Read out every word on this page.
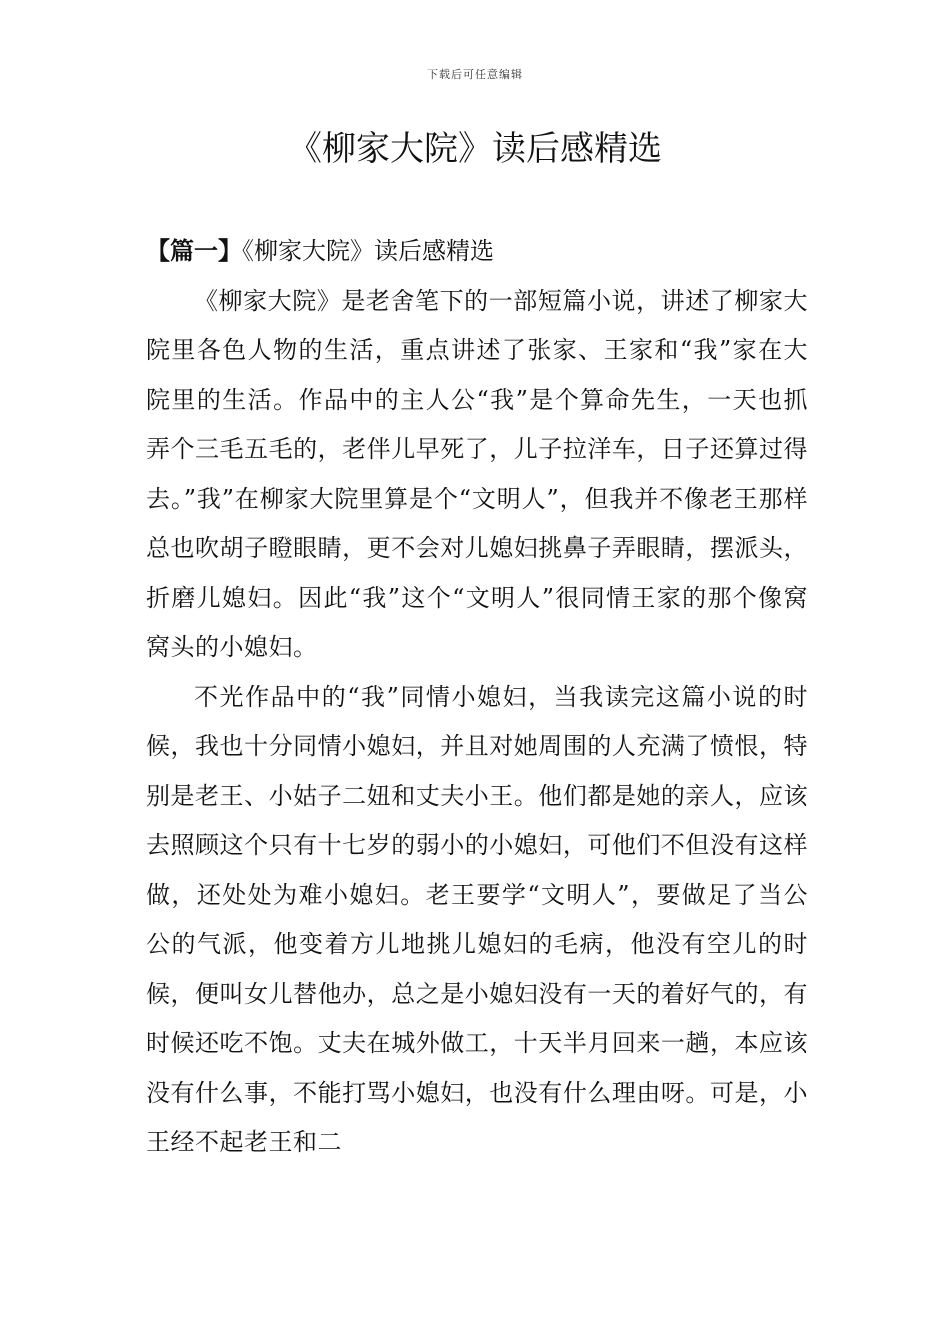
下载后可任意编辑
《柳家大院》读后感精选
【篇一】《柳家大院》读后感精选

《柳家大院》是老舍笔下的一部短篇小说，讲述了柳家大院里各色人物的生活，重点讲述了张家、王家和“我”家在大院里的生活。作品中的主人公“我”是个算命先生，一天也抓弄个三毛五毛的，老伴儿早死了，儿子拉洋车，日子还算过得去。”我”在柳家大院里算是个“文明人”，但我并不像老王那样总也吹胡子瞪眼睛，更不会对儿媳妇挑鼻子弄眼睛，摆派头，折磨儿媳妇。因此“我”这个“文明人”很同情王家的那个像窝窝头的小媳妇。

不光作品中的“我”同情小媳妇，当我读完这篇小说的时候，我也十分同情小媳妇，并且对她周围的人充满了愤恨，特别是老王、小姑子二妞和丈夫小王。他们都是她的亲人，应该去照顾这个只有十七岁的弱小的小媳妇，可他们不但没有这样做，还处处为难小媳妇。老王要学“文明人”，要做足了当公公的气派，他变着方儿地挑儿媳妇的毛病，他没有空儿的时候，便叫女儿替他办，总之是小媳妇没有一天的着好气的，有时候还吃不饱。丈夫在城外做工，十天半月回来一趟，本应该没有什么事，不能打骂小媳妇，也没有什么理由呀。可是，小王经不起老王和二
